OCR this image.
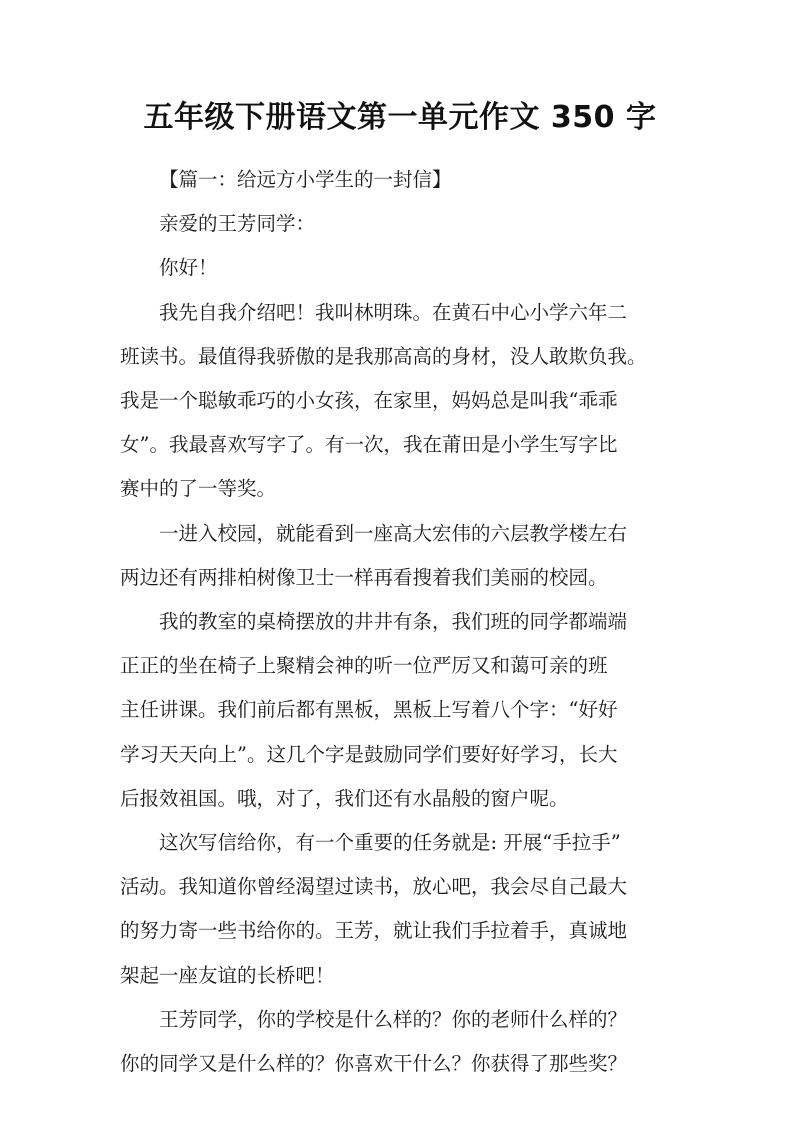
五年级下册语文第一单元作文 350 字

【篇一：给远方小学生的一封信】

亲爱的王芳同学：

你好！

我先自我介绍吧！我叫林明珠。在黄石中心小学六年二
班读书。最值得我骄傲的是我那高高的身材，没人敢欺负我。
我是一个聪敏乖巧的小女孩，在家里，妈妈总是叫我“乖乖
女”。我最喜欢写字了。有一次，我在莆田是小学生写字比
赛中的了一等奖。

一进入校园，就能看到一座高大宏伟的六层教学楼左右
两边还有两排柏树像卫士一样再看搜着我们美丽的校园。

我的教室的桌椅摆放的井井有条，我们班的同学都端端
正正的坐在椅子上聚精会神的听一位严厉又和蔼可亲的班
主任讲课。我们前后都有黑板，黑板上写着八个字：“好好
学习天天向上”。这几个字是鼓励同学们要好好学习，长大
后报效祖国。哦，对了，我们还有水晶般的窗户呢。

这次写信给你，有一个重要的任务就是: 开展“手拉手”
活动。我知道你曾经渴望过读书，放心吧，我会尽自己最大
的努力寄一些书给你的。王芳，就让我们手拉着手，真诚地
架起一座友谊的长桥吧！

王芳同学，你的学校是什么样的？你的老师什么样的？
你的同学又是什么样的？你喜欢干什么？你获得了那些奖？
